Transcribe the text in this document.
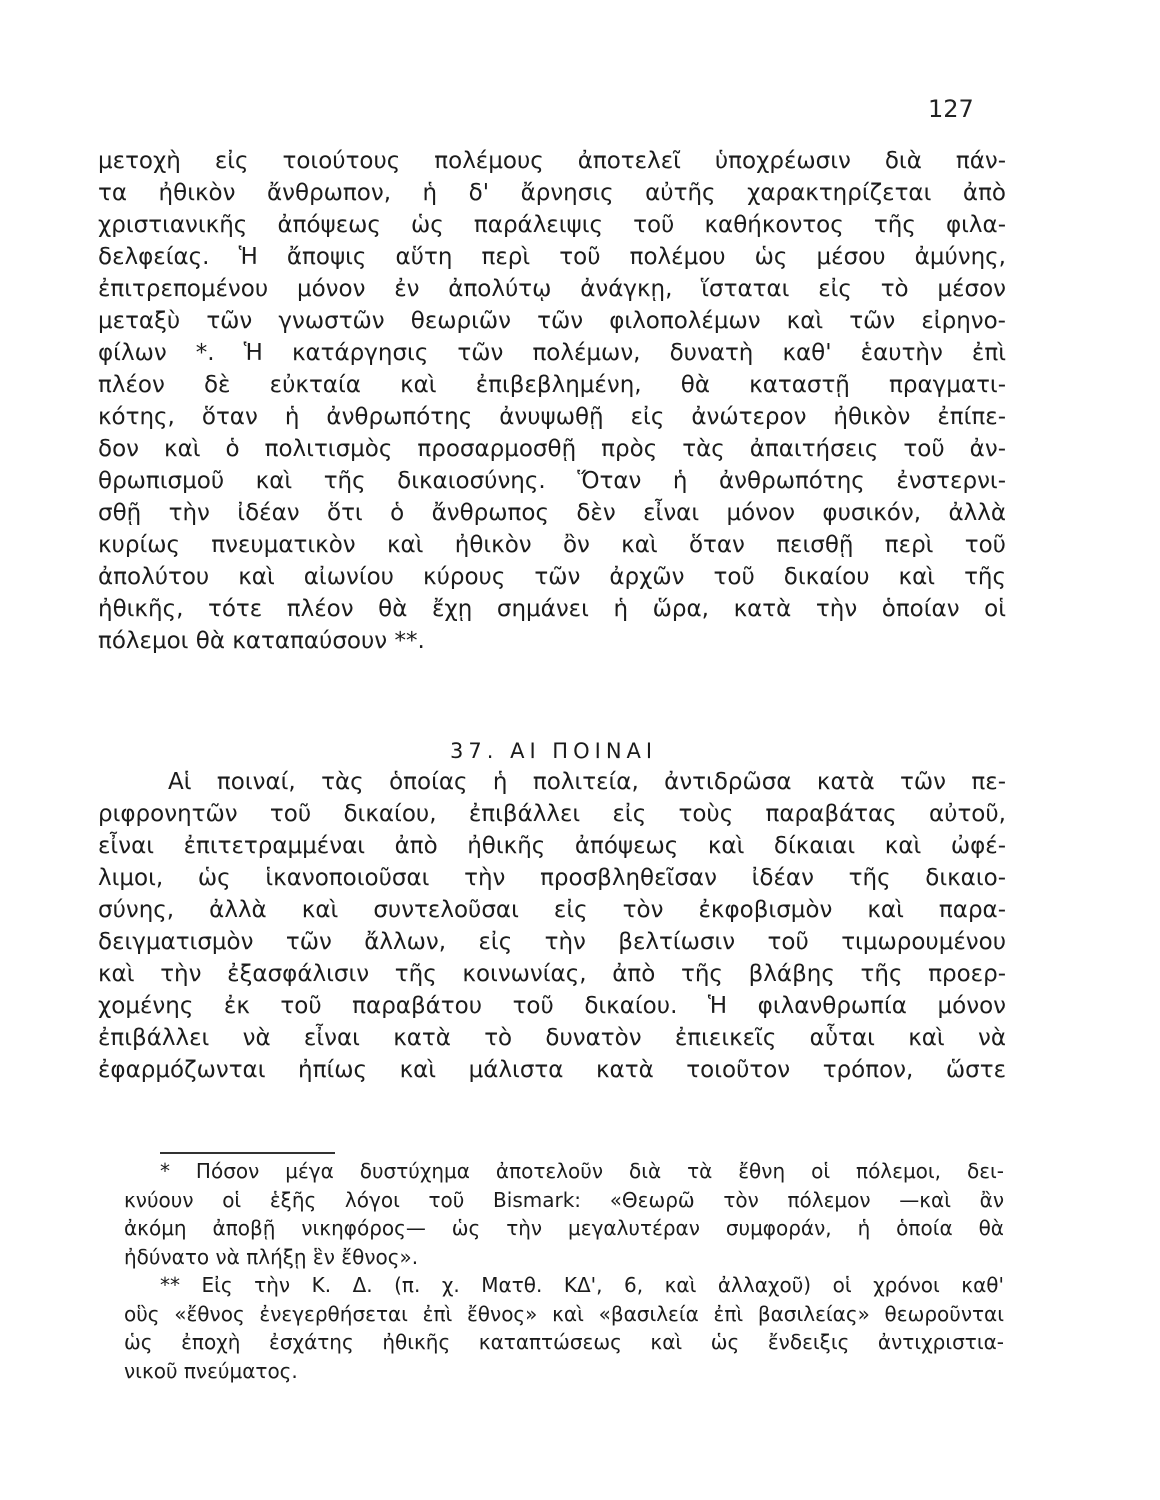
127
μετοχὴ εἰς τοιούτους πολέμους ἀποτελεῖ ὑποχρέωσιν διὰ πάν-
τα ἠθικὸν ἄνθρωπον, ἡ δ' ἄρνησις αὐτῆς χαρακτηρίζεται ἀπὸ
χριστιανικῆς ἀπόψεως ὡς παράλειψις τοῦ καθήκοντος τῆς φιλα-
δελφείας. Ἡ ἄποψις αὕτη περὶ τοῦ πολέμου ὡς μέσου ἀμύνης,
ἐπιτρεπομένου μόνον ἐν ἀπολύτῳ ἀνάγκῃ, ἵσταται εἰς τὸ μέσον
μεταξὺ τῶν γνωστῶν θεωριῶν τῶν φιλοπολέμων καὶ τῶν εἰρηνο-
φίλων *. Ἡ κατάργησις τῶν πολέμων, δυνατὴ καθ' ἑαυτὴν ἐπὶ
πλέον δὲ εὐκταία καὶ ἐπιβεβλημένη, θὰ καταστῇ πραγματι-
κότης, ὅταν ἡ ἀνθρωπότης ἀνυψωθῇ εἰς ἀνώτερον ἠθικὸν ἐπίπε-
δον καὶ ὁ πολιτισμὸς προσαρμοσθῇ πρὸς τὰς ἀπαιτήσεις τοῦ ἀν-
θρωπισμοῦ καὶ τῆς δικαιοσύνης. Ὅταν ἡ ἀνθρωπότης ἐνστερνι-
σθῇ τὴν ἰδέαν ὅτι ὁ ἄνθρωπος δὲν εἶναι μόνον φυσικόν, ἀλλὰ
κυρίως πνευματικὸν καὶ ἠθικὸν ὂν καὶ ὅταν πεισθῇ περὶ τοῦ
ἀπολύτου καὶ αἰωνίου κύρους τῶν ἀρχῶν τοῦ δικαίου καὶ τῆς
ἠθικῆς, τότε πλέον θὰ ἔχῃ σημάνει ἡ ὥρα, κατὰ τὴν ὁποίαν οἱ
πόλεμοι θὰ καταπαύσουν **.
37. ΑΙ ΠΟΙΝΑΙ
Αἱ ποιναί, τὰς ὁποίας ἡ πολιτεία, ἀντιδρῶσα κατὰ τῶν πε-
ριφρονητῶν τοῦ δικαίου, ἐπιβάλλει εἰς τοὺς παραβάτας αὐτοῦ,
εἶναι ἐπιτετραμμέναι ἀπὸ ἠθικῆς ἀπόψεως καὶ δίκαιαι καὶ ὠφέ-
λιμοι, ὡς ἱκανοποιοῦσαι τὴν προσβληθεῖσαν ἰδέαν τῆς δικαιο-
σύνης, ἀλλὰ καὶ συντελοῦσαι εἰς τὸν ἐκφοβισμὸν καὶ παρα-
δειγματισμὸν τῶν ἄλλων, εἰς τὴν βελτίωσιν τοῦ τιμωρουμένου
καὶ τὴν ἐξασφάλισιν τῆς κοινωνίας, ἀπὸ τῆς βλάβης τῆς προερ-
χομένης ἐκ τοῦ παραβάτου τοῦ δικαίου. Ἡ φιλανθρωπία μόνον
ἐπιβάλλει νὰ εἶναι κατὰ τὸ δυνατὸν ἐπιεικεῖς αὗται καὶ νὰ
ἐφαρμόζωνται ἠπίως καὶ μάλιστα κατὰ τοιοῦτον τρόπον, ὥστε
* Πόσον μέγα δυστύχημα ἀποτελοῦν διὰ τὰ ἔθνη οἱ πόλεμοι, δει-
κνύουν οἱ ἑξῆς λόγοι τοῦ Bismark: «Θεωρῶ τὸν πόλεμον —καὶ ἂν
ἀκόμη ἀποβῇ νικηφόρος— ὡς τὴν μεγαλυτέραν συμφοράν, ἡ ὁποία θὰ
ἠδύνατο νὰ πλήξῃ ἓν ἔθνος».
** Εἰς τὴν Κ. Δ. (π. χ. Ματθ. ΚΔ', 6, καὶ ἀλλαχοῦ) οἱ χρόνοι καθ'
οὓς «ἔθνος ἐνεγερθήσεται ἐπὶ ἔθνος» καὶ «βασιλεία ἐπὶ βασιλείας» θεωροῦνται
ὡς ἐποχὴ ἐσχάτης ἠθικῆς καταπτώσεως καὶ ὡς ἔνδειξις ἀντιχριστια-
νικοῦ πνεύματος.
